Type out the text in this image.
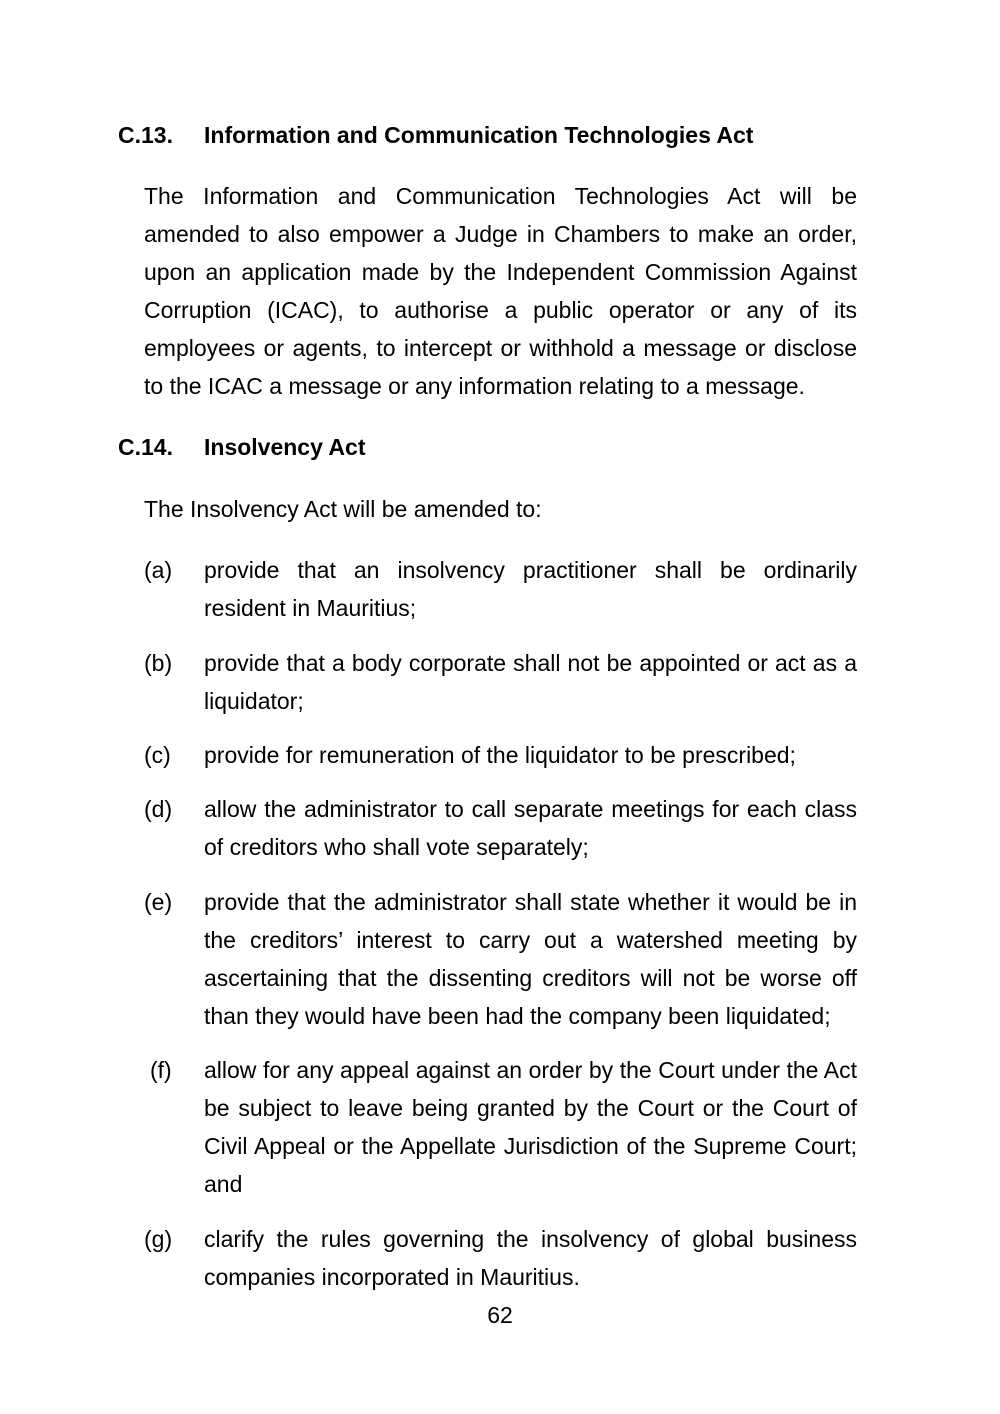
C.13.	Information and Communication Technologies Act

The Information and Communication Technologies Act will be amended to also empower a Judge in Chambers to make an order, upon an application made by the Independent Commission Against Corruption (ICAC), to authorise a public operator or any of its employees or agents, to intercept or withhold a message or disclose to the ICAC a message or any information relating to a message.

C.14.	Insolvency Act

The Insolvency Act will be amended to:

(a)	provide that an insolvency practitioner shall be ordinarily resident in Mauritius;
(b)	provide that a body corporate shall not be appointed or act as a liquidator;
(c)	provide for remuneration of the liquidator to be prescribed;
(d)	allow the administrator to call separate meetings for each class of creditors who shall vote separately;
(e)	provide that the administrator shall state whether it would be in the creditors’ interest to carry out a watershed meeting by ascertaining that the dissenting creditors will not be worse off than they would have been had the company been liquidated;
(f)	allow for any appeal against an order by the Court under the Act be subject to leave being granted by the Court or the Court of Civil Appeal or the Appellate Jurisdiction of the Supreme Court; and
(g)	clarify the rules governing the insolvency of global business companies incorporated in Mauritius.
62
